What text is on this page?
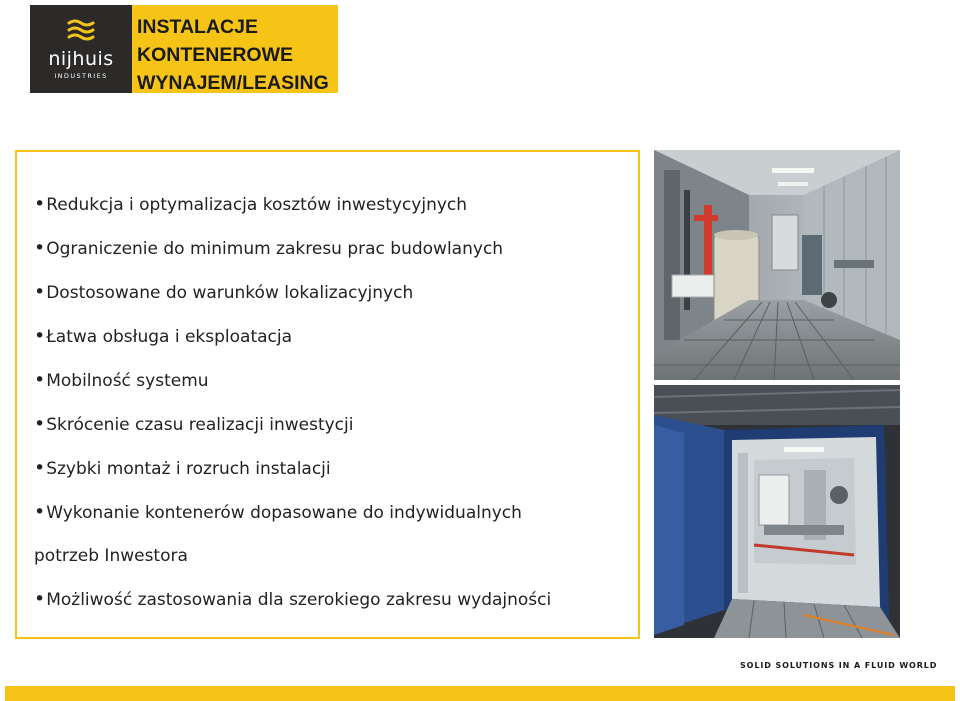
nijhuis
INDUSTRIES
INSTALACJE
KONTENEROWE
WYNAJEM/LEASING
•Redukcja i optymalizacja kosztów inwestycyjnych
•Ograniczenie do minimum zakresu prac budowlanych
•Dostosowane do warunków lokalizacyjnych
•Łatwa obsługa i eksploatacja
•Mobilność systemu
•Skrócenie czasu realizacji inwestycji
•Szybki montaż i rozruch instalacji
•Wykonanie kontenerów dopasowane do indywidualnych
potrzeb Inwestora
•Możliwość zastosowania dla szerokiego zakresu wydajności
SOLID SOLUTIONS IN A FLUID WORLD
